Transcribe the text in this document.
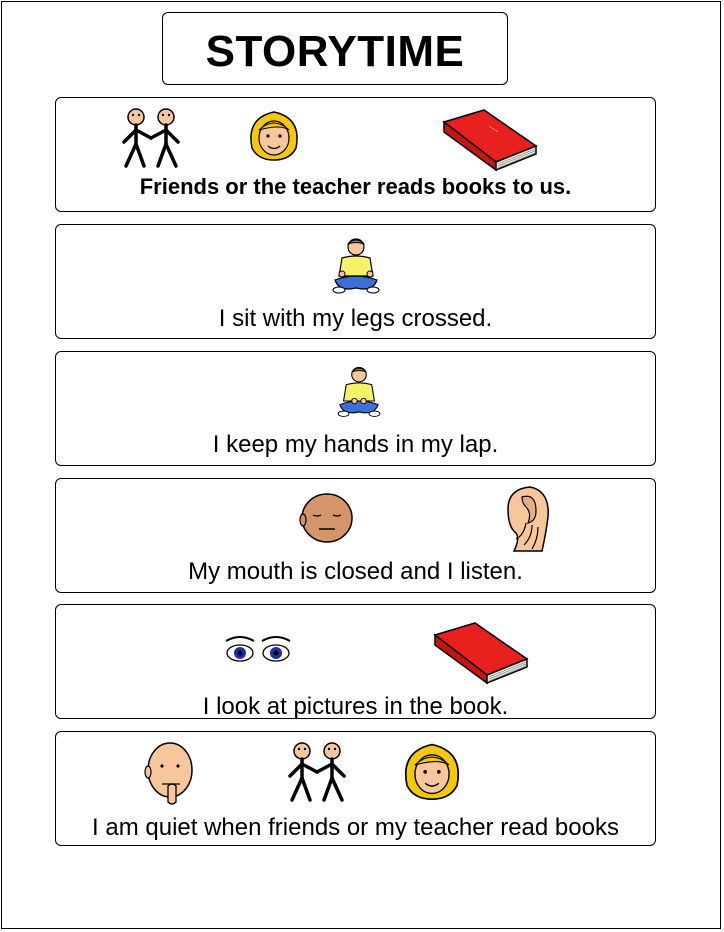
STORYTIME
~~~
Friends or the teacher reads books to us.
I sit with my legs crossed.
I keep my hands in my lap.
My mouth is closed and I listen.
I look at pictures in the book.
I am quiet when friends or my teacher read books
